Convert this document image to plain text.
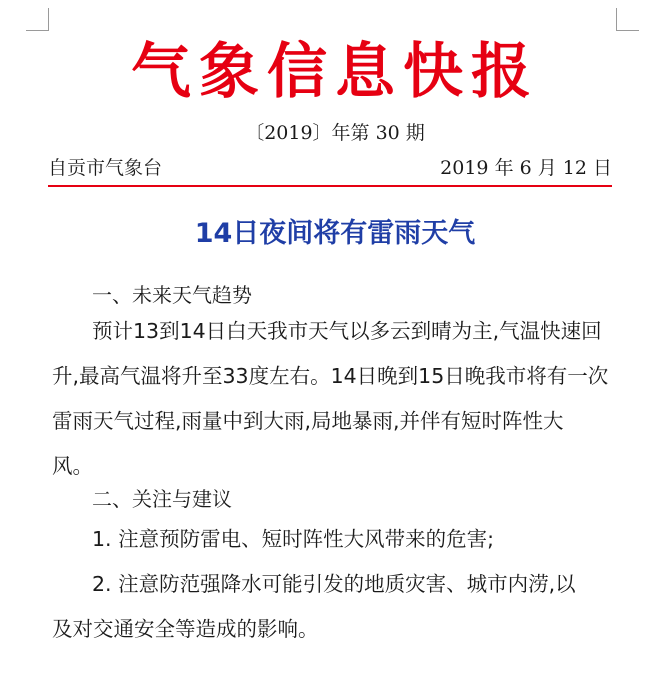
气象信息快报
〔2019〕年第 30 期
自贡市气象台	2019 年 6 月 12 日
14日夜间将有雷雨天气
一、未来天气趋势

预计13到14日白天我市天气以多云到晴为主,气温快速回
升,最高气温将升至33度左右。14日晚到15日晚我市将有一次
雷雨天气过程,雨量中到大雨,局地暴雨,并伴有短时阵性大
风。

二、关注与建议

1. 注意预防雷电、短时阵性大风带来的危害;

2. 注意防范强降水可能引发的地质灾害、城市内涝,以
及对交通安全等造成的影响。
